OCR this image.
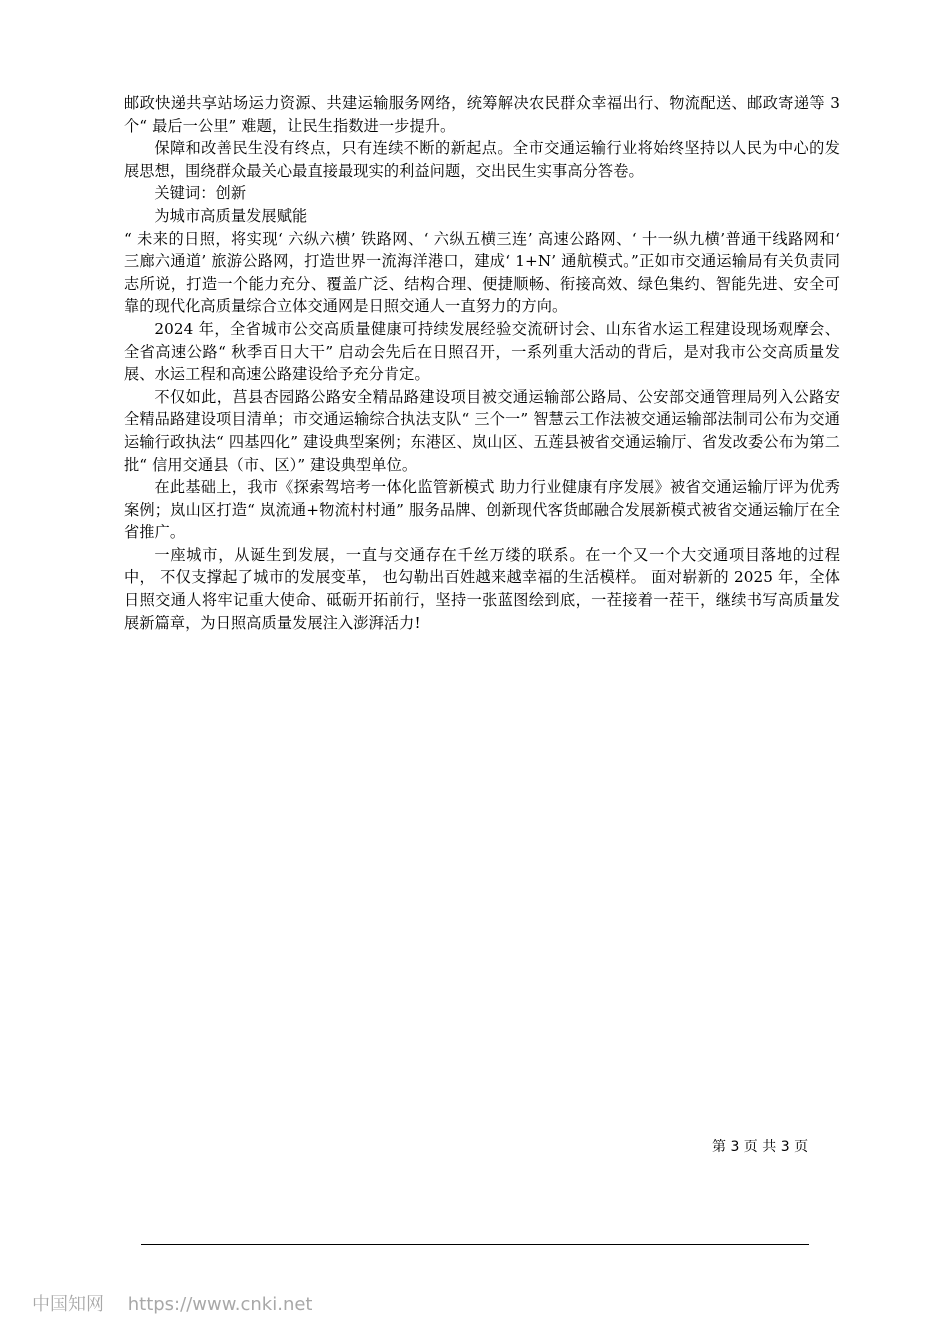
邮政快递共享站场运力资源、共建运输服务网络，统筹解决农民群众幸福出行、物流配送、邮政寄递等 3 个“ 最后一公里” 难题，让民生指数进一步提升。

保障和改善民生没有终点，只有连续不断的新起点。全市交通运输行业将始终坚持以人民为中心的发展思想，围绕群众最关心最直接最现实的利益问题，交出民生实事高分答卷。

关键词：创新

为城市高质量发展赋能

“ 未来的日照，将实现‘ 六纵六横’ 铁路网、‘ 六纵五横三连’ 高速公路网、‘ 十一纵九横’普通干线路网和‘ 三廊六通道’ 旅游公路网，打造世界一流海洋港口，建成‘ 1+N’ 通航模式。”正如市交通运输局有关负责同志所说，打造一个能力充分、覆盖广泛、结构合理、便捷顺畅、衔接高效、绿色集约、智能先进、安全可靠的现代化高质量综合立体交通网是日照交通人一直努力的方向。

2024 年，全省城市公交高质量健康可持续发展经验交流研讨会、山东省水运工程建设现场观摩会、全省高速公路“ 秋季百日大干” 启动会先后在日照召开，一系列重大活动的背后，是对我市公交高质量发展、水运工程和高速公路建设给予充分肯定。

不仅如此，莒县杏园路公路安全精品路建设项目被交通运输部公路局、公安部交通管理局列入公路安全精品路建设项目清单；市交通运输综合执法支队“ 三个一” 智慧云工作法被交通运输部法制司公布为交通运输行政执法“ 四基四化” 建设典型案例；东港区、岚山区、五莲县被省交通运输厅、省发改委公布为第二批“ 信用交通县（市、区）” 建设典型单位。

在此基础上，我市《探索驾培考一体化监管新模式 助力行业健康有序发展》被省交通运输厅评为优秀案例；岚山区打造“ 岚流通+物流村村通” 服务品牌、创新现代客货邮融合发展新模式被省交通运输厅在全省推广。

一座城市，从诞生到发展，一直与交通存在千丝万缕的联系。在一个又一个大交通项目落地的过程中， 不仅支撑起了城市的发展变革， 也勾勒出百姓越来越幸福的生活模样。 面对崭新的 2025 年，全体日照交通人将牢记重大使命、砥砺开拓前行，坚持一张蓝图绘到底，一茬接着一茬干，继续书写高质量发展新篇章，为日照高质量发展注入澎湃活力!

第 3 页 共 3 页
中国知网 https://www.cnki.net
